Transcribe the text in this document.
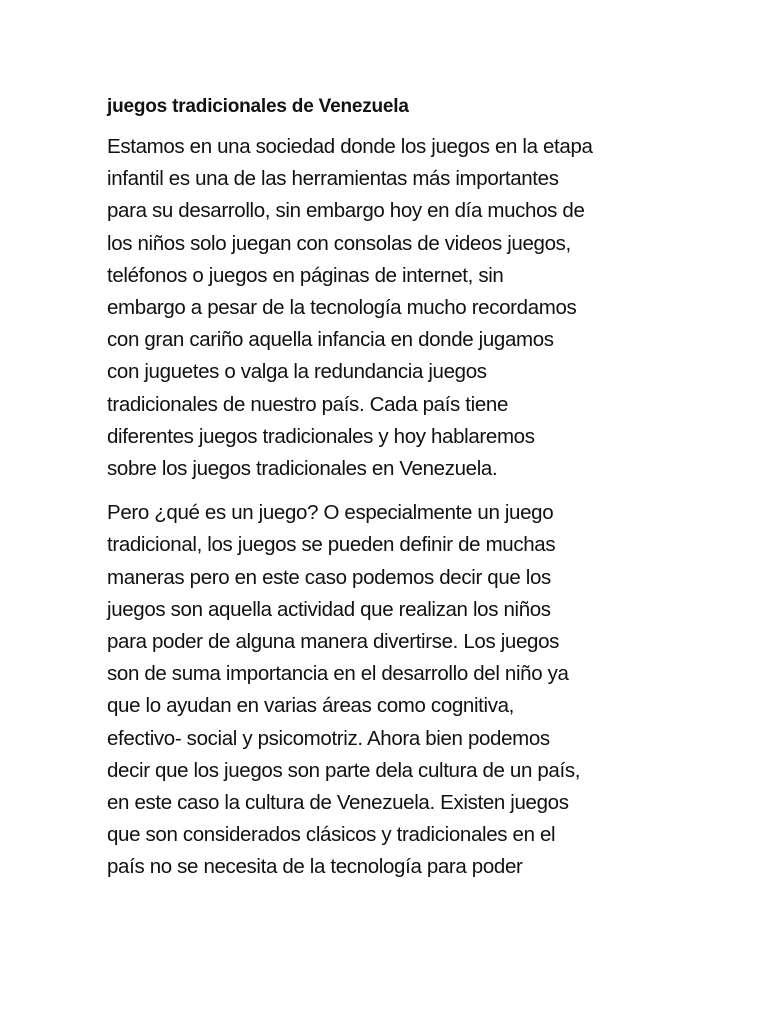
juegos tradicionales de Venezuela

Estamos en una sociedad donde los juegos en la etapa
infantil es una de las herramientas más importantes
para su desarrollo, sin embargo hoy en día muchos de
los niños solo juegan con consolas de videos juegos,
teléfonos o juegos en páginas de internet, sin
embargo a pesar de la tecnología mucho recordamos
con gran cariño aquella infancia en donde jugamos
con juguetes o valga la redundancia juegos
tradicionales de nuestro país. Cada país tiene
diferentes juegos tradicionales y hoy hablaremos
sobre los juegos tradicionales en Venezuela.

Pero ¿qué es un juego? O especialmente un juego
tradicional, los juegos se pueden definir de muchas
maneras pero en este caso podemos decir que los
juegos son aquella actividad que realizan los niños
para poder de alguna manera divertirse. Los juegos
son de suma importancia en el desarrollo del niño ya
que lo ayudan en varias áreas como cognitiva,
efectivo- social y psicomotriz. Ahora bien podemos
decir que los juegos son parte dela cultura de un país,
en este caso la cultura de Venezuela. Existen juegos
que son considerados clásicos y tradicionales en el
país no se necesita de la tecnología para poder
